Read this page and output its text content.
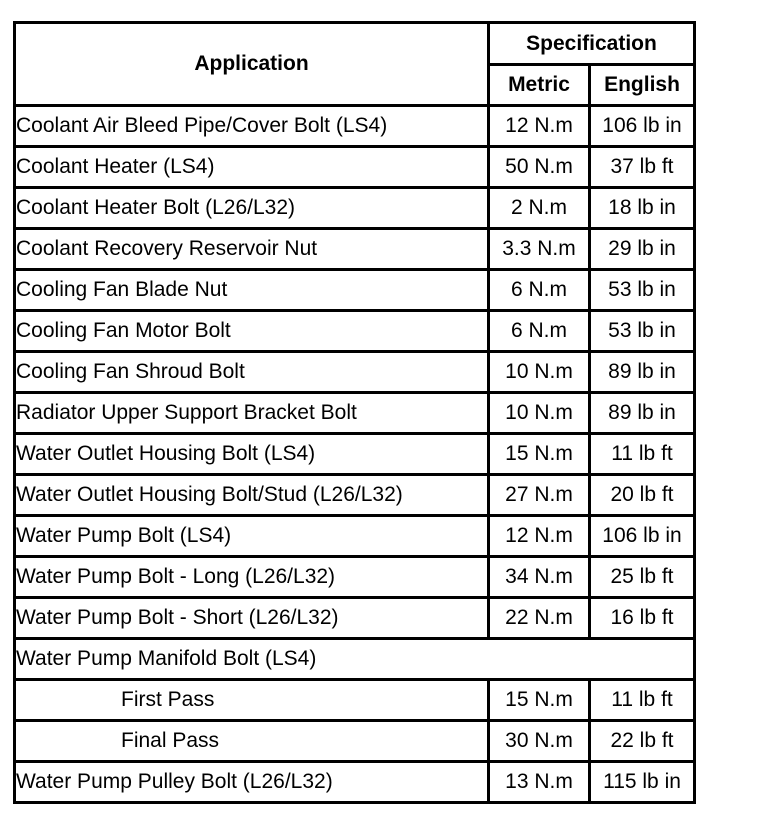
Application	Specification	
	Metric	English
Coolant Air Bleed Pipe/Cover Bolt (LS4)	12 N.m	106 lb in
Coolant Heater (LS4)	50 N.m	37 lb ft
Coolant Heater Bolt (L26/L32)	2 N.m	18 lb in
Coolant Recovery Reservoir Nut	3.3 N.m	29 lb in
Cooling Fan Blade Nut	6 N.m	53 lb in
Cooling Fan Motor Bolt	6 N.m	53 lb in
Cooling Fan Shroud Bolt	10 N.m	89 lb in
Radiator Upper Support Bracket Bolt	10 N.m	89 lb in
Water Outlet Housing Bolt (LS4)	15 N.m	11 lb ft
Water Outlet Housing Bolt/Stud (L26/L32)	27 N.m	20 lb ft
Water Pump Bolt (LS4)	12 N.m	106 lb in
Water Pump Bolt - Long (L26/L32)	34 N.m	25 lb ft
Water Pump Bolt - Short (L26/L32)	22 N.m	16 lb ft
Water Pump Manifold Bolt (LS4)		
First Pass	15 N.m	11 lb ft
Final Pass	30 N.m	22 lb ft
Water Pump Pulley Bolt (L26/L32)	13 N.m	115 lb in
